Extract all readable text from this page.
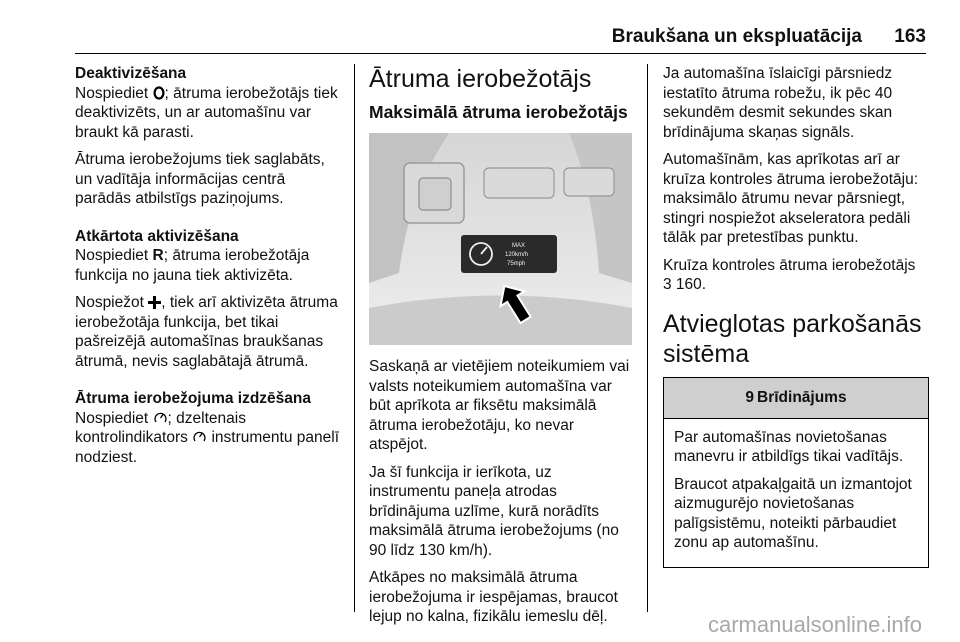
Braukšana un ekspluatācija 163
Deaktivizēšana

Nospiediet ; ātruma ierobežotājs tiek deaktivizēts, un ar automašīnu var braukt kā parasti.

Ātruma ierobežojums tiek saglabāts, un vadītāja informācijas centrā parādās atbilstīgs paziņojums.

Atkārtota aktivizēšana

Nospiediet R; ātruma ierobežotāja funkcija no jauna tiek aktivizēta.

Nospiežot , tiek arī aktivizēta ātruma ierobežotāja funkcija, bet tikai pašreizējā automašīnas braukšanas ātrumā, nevis saglabātajā ātrumā.

Ātruma ierobežojuma izdzēšana

Nospiediet ; dzeltenais kontrolindikators  instrumentu panelī nodziest.

Ātruma ierobežotājs
Maksimālā ātruma ierobežotājs
MAX
120km/h
75mph

Saskaņā ar vietējiem noteikumiem vai valsts noteikumiem automašīna var būt aprīkota ar fiksētu maksimālā ātruma ierobežotāju, ko nevar atspējot.

Ja šī funkcija ir ierīkota, uz instrumentu paneļa atrodas brīdinājuma uzlīme, kurā norādīts maksimālā ātruma ierobežojums (no 90 līdz 130 km/h).

Atkāpes no maksimālā ātruma ierobežojuma ir iespējamas, braucot lejup no kalna, fizikālu iemeslu dēļ.

Ja automašīna īslaicīgi pārsniedz iestatīto ātruma robežu, ik pēc 40 sekundēm desmit sekundes skan brīdinājuma skaņas signāls.

Automašīnām, kas aprīkotas arī ar kruīza kontroles ātruma ierobežotāju: maksimālo ātrumu nevar pārsniegt, stingri nospiežot akseleratora pedāli tālāk par pretestības punktu.

Kruīza kontroles ātruma ierobežotājs
3 160.

Atvieglotas parkošanās sistēma
9 Brīdinājums

Par automašīnas novietošanas manevru ir atbildīgs tikai vadītājs.

Braucot atpakaļgaitā un izmantojot aizmugurējo novietošanas palīgsistēmu, noteikti pārbaudiet zonu ap automašīnu.

carmanualsonline.info
